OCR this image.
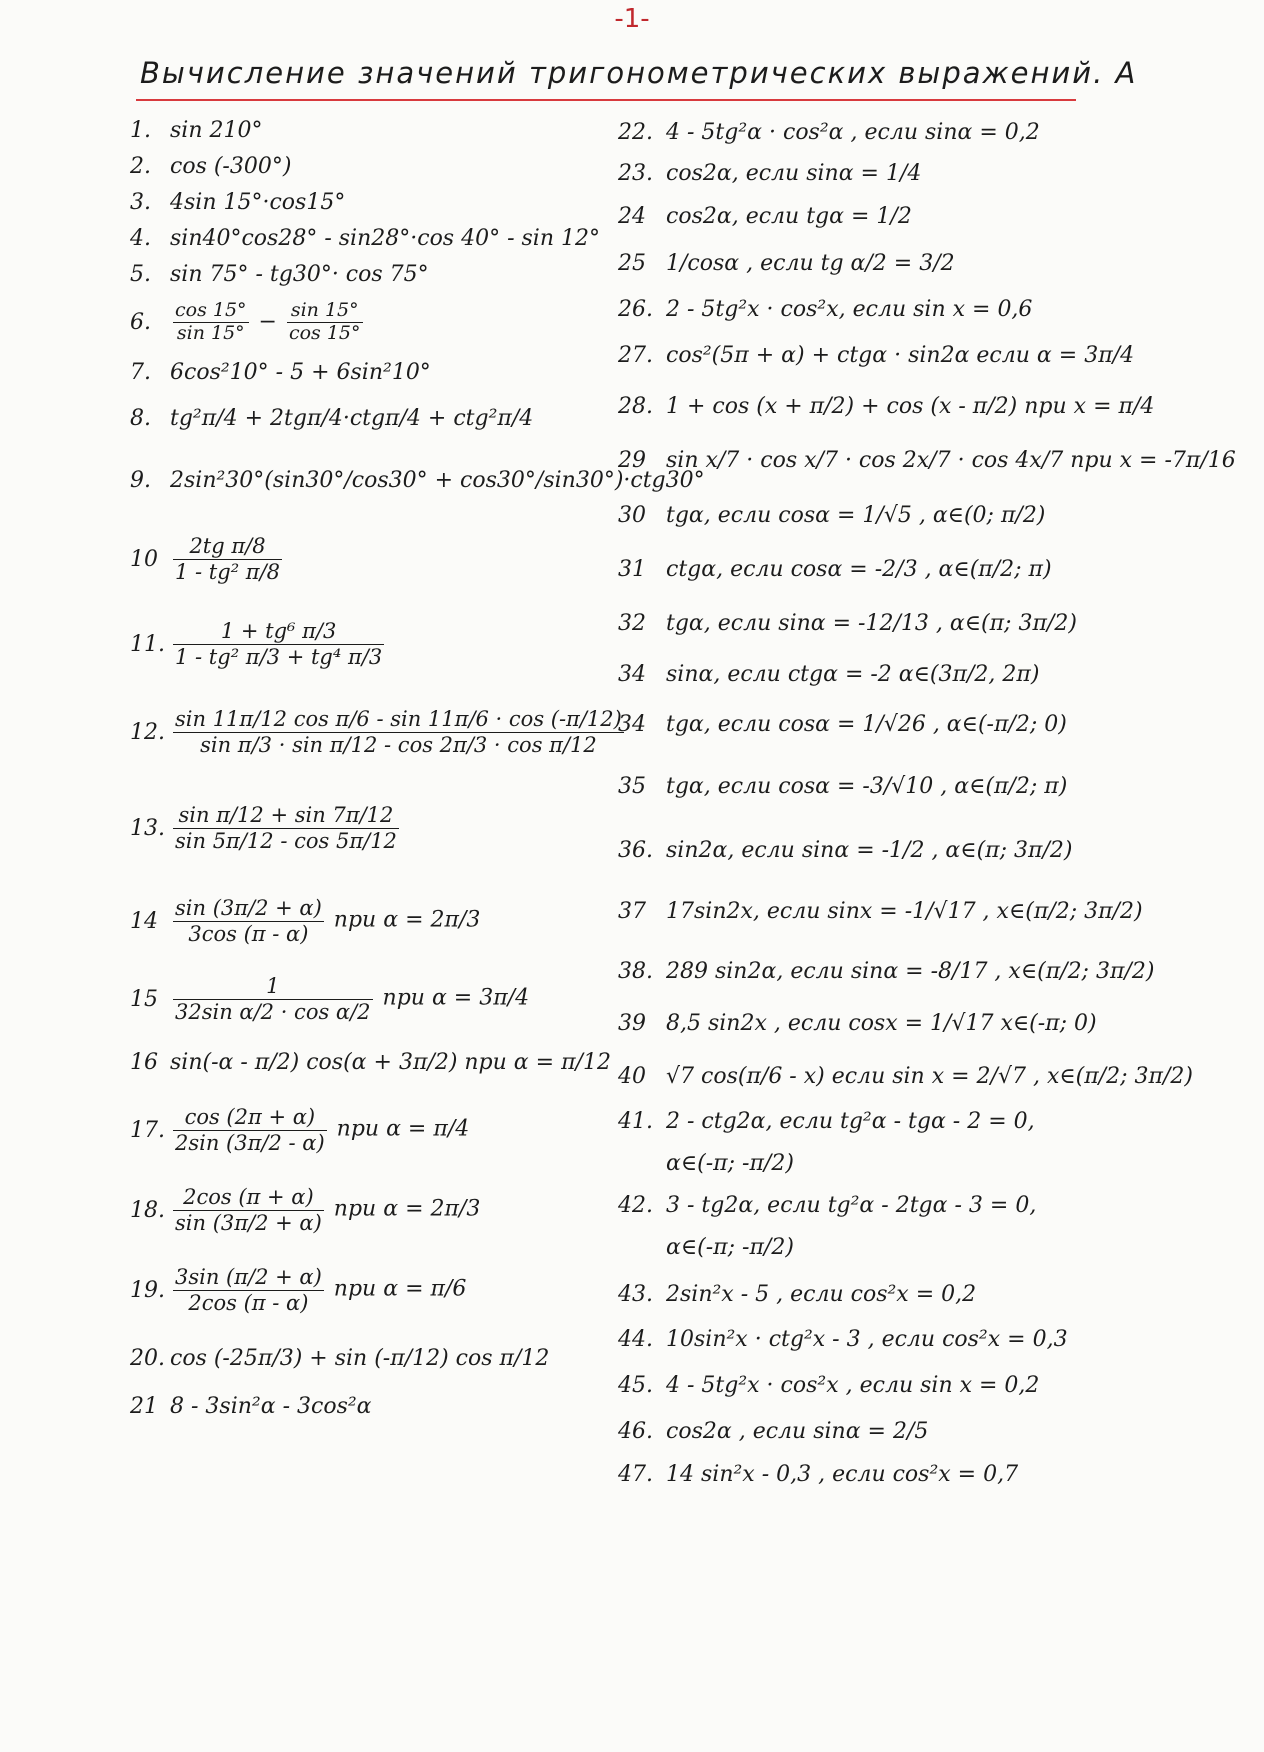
-1-
Вычисление значений тригонометрических выражений. А
1. sin 210°
2. cos (-300°)
3. 4sin 15°·cos15°
4. sin40°cos28° - sin28°·cos 40° - sin 12°
5. sin 75° - tg30°· cos 75°
6.	$\frac{\cos 15^\circ}{\sin 15^\circ} - \frac{\sin 15^\circ}{\cos 15^\circ}$
7. 6cos²10° - 5 + 6sin²10°
8. tg²π/4 + 2tgπ/4·ctgπ/4 + ctg²π/4
9. 2sin²30°(sin30°/cos30° + cos30°/sin30°)·ctg30°
$10 \frac{\text{2tg π/8}}{\text{1 - tg² π/8}}$
11. $\frac{\text{1 + tg⁶ π/3}}{\text{1 - tg² π/3 + tg⁴ π/3}}$
12. $\frac{\text{sin 11π/12 cos π/6 - sin 11π/6 · cos (-π/12)}}{\text{sin π/3 · sin π/12 - cos 2π/3 · cos π/12}}$
13. $\frac{\text{sin π/12 + sin 7π/12}}{\sin 5\pi/12 - \cos 5\pi/12}$
$14 \frac{\sin (3\pi/2 + \alpha)}{3\cos (\pi - \alpha)}$ при α = 2π/3
$15 \frac{1}{\text{32sin α/2 · cos α/2}}$ при α = 3π/4
16 sin(-α - π/2) cos(α + 3π/2) при α = π/12
17. $\frac{\cos (2\pi + \alpha)}{2\sin (3\pi/2 - \alpha)}$ при α = π/4
18. $\frac{2\cos (\pi + \alpha)}{\sin (3\pi/2 + \alpha)}$ при α = 2π/3
19. $\frac{3\sin (\pi/2 + \alpha)}{2\cos (\pi - \alpha)}$ при α = π/6
20. cos (-25π/3) + sin (-π/12) cos π/12
21 8 - 3sin²α - 3cos²α
22. 4 - 5tg²α · cos²α , если sinα = 0,2
23. cos2α, если sinα = 1/4
24 cos2α, если tgα = 1/2
25 1/cosα , если tg α/2 = 3/2
26. 2 - 5tg²x · cos²x, если sin x = 0,6
27. cos²(5π + α) + ctgα · sin2α если α = 3π/4
28. 1 + cos (x + π/2) + cos (x - π/2) при x = π/4
29 sin x/7 · cos x/7 · cos 2x/7 · cos 4x/7 при x = -7π/16
30 tgα, если cosα = 1/√5 , α∈(0; π/2)
31 ctgα, если cosα = -2/3 , α∈(π/2; π)
32 tgα, если sinα = -12/13 , α∈(π; 3π/2)
34 sinα, если ctgα = -2 α∈(3π/2, 2π)
34 tgα, если cosα = 1/√26 , α∈(-π/2; 0)
35 tgα, если cosα = -3/√10 , α∈(π/2; π)
36. sin2α, если sinα = -1/2 , α∈(π; 3π/2)
37 17sin2x, если sinx = -1/√17 , x∈(π/2; 3π/2)
38. 289 sin2α, если sinα = -8/17 , x∈(π/2; 3π/2)
39 8,5 sin2x , если cosx = 1/√17 x∈(-π; 0)
40 √7 cos(π/6 - x) если sin x = 2/√7 , x∈(π/2; 3π/2)
41. 2 - ctg2α, если tg²α - tgα - 2 = 0,
α∈(-π; -π/2)
42. 3 - tg2α, если tg²α - 2tgα - 3 = 0,
α∈(-π; -π/2)
43. 2sin²x - 5 , если cos²x = 0,2
44. 10sin²x · ctg²x - 3 , если cos²x = 0,3
45. 4 - 5tg²x · cos²x , если sin x = 0,2
46. cos2α , если sinα = 2/5
47. 14 sin²x - 0,3 , если cos²x = 0,7
